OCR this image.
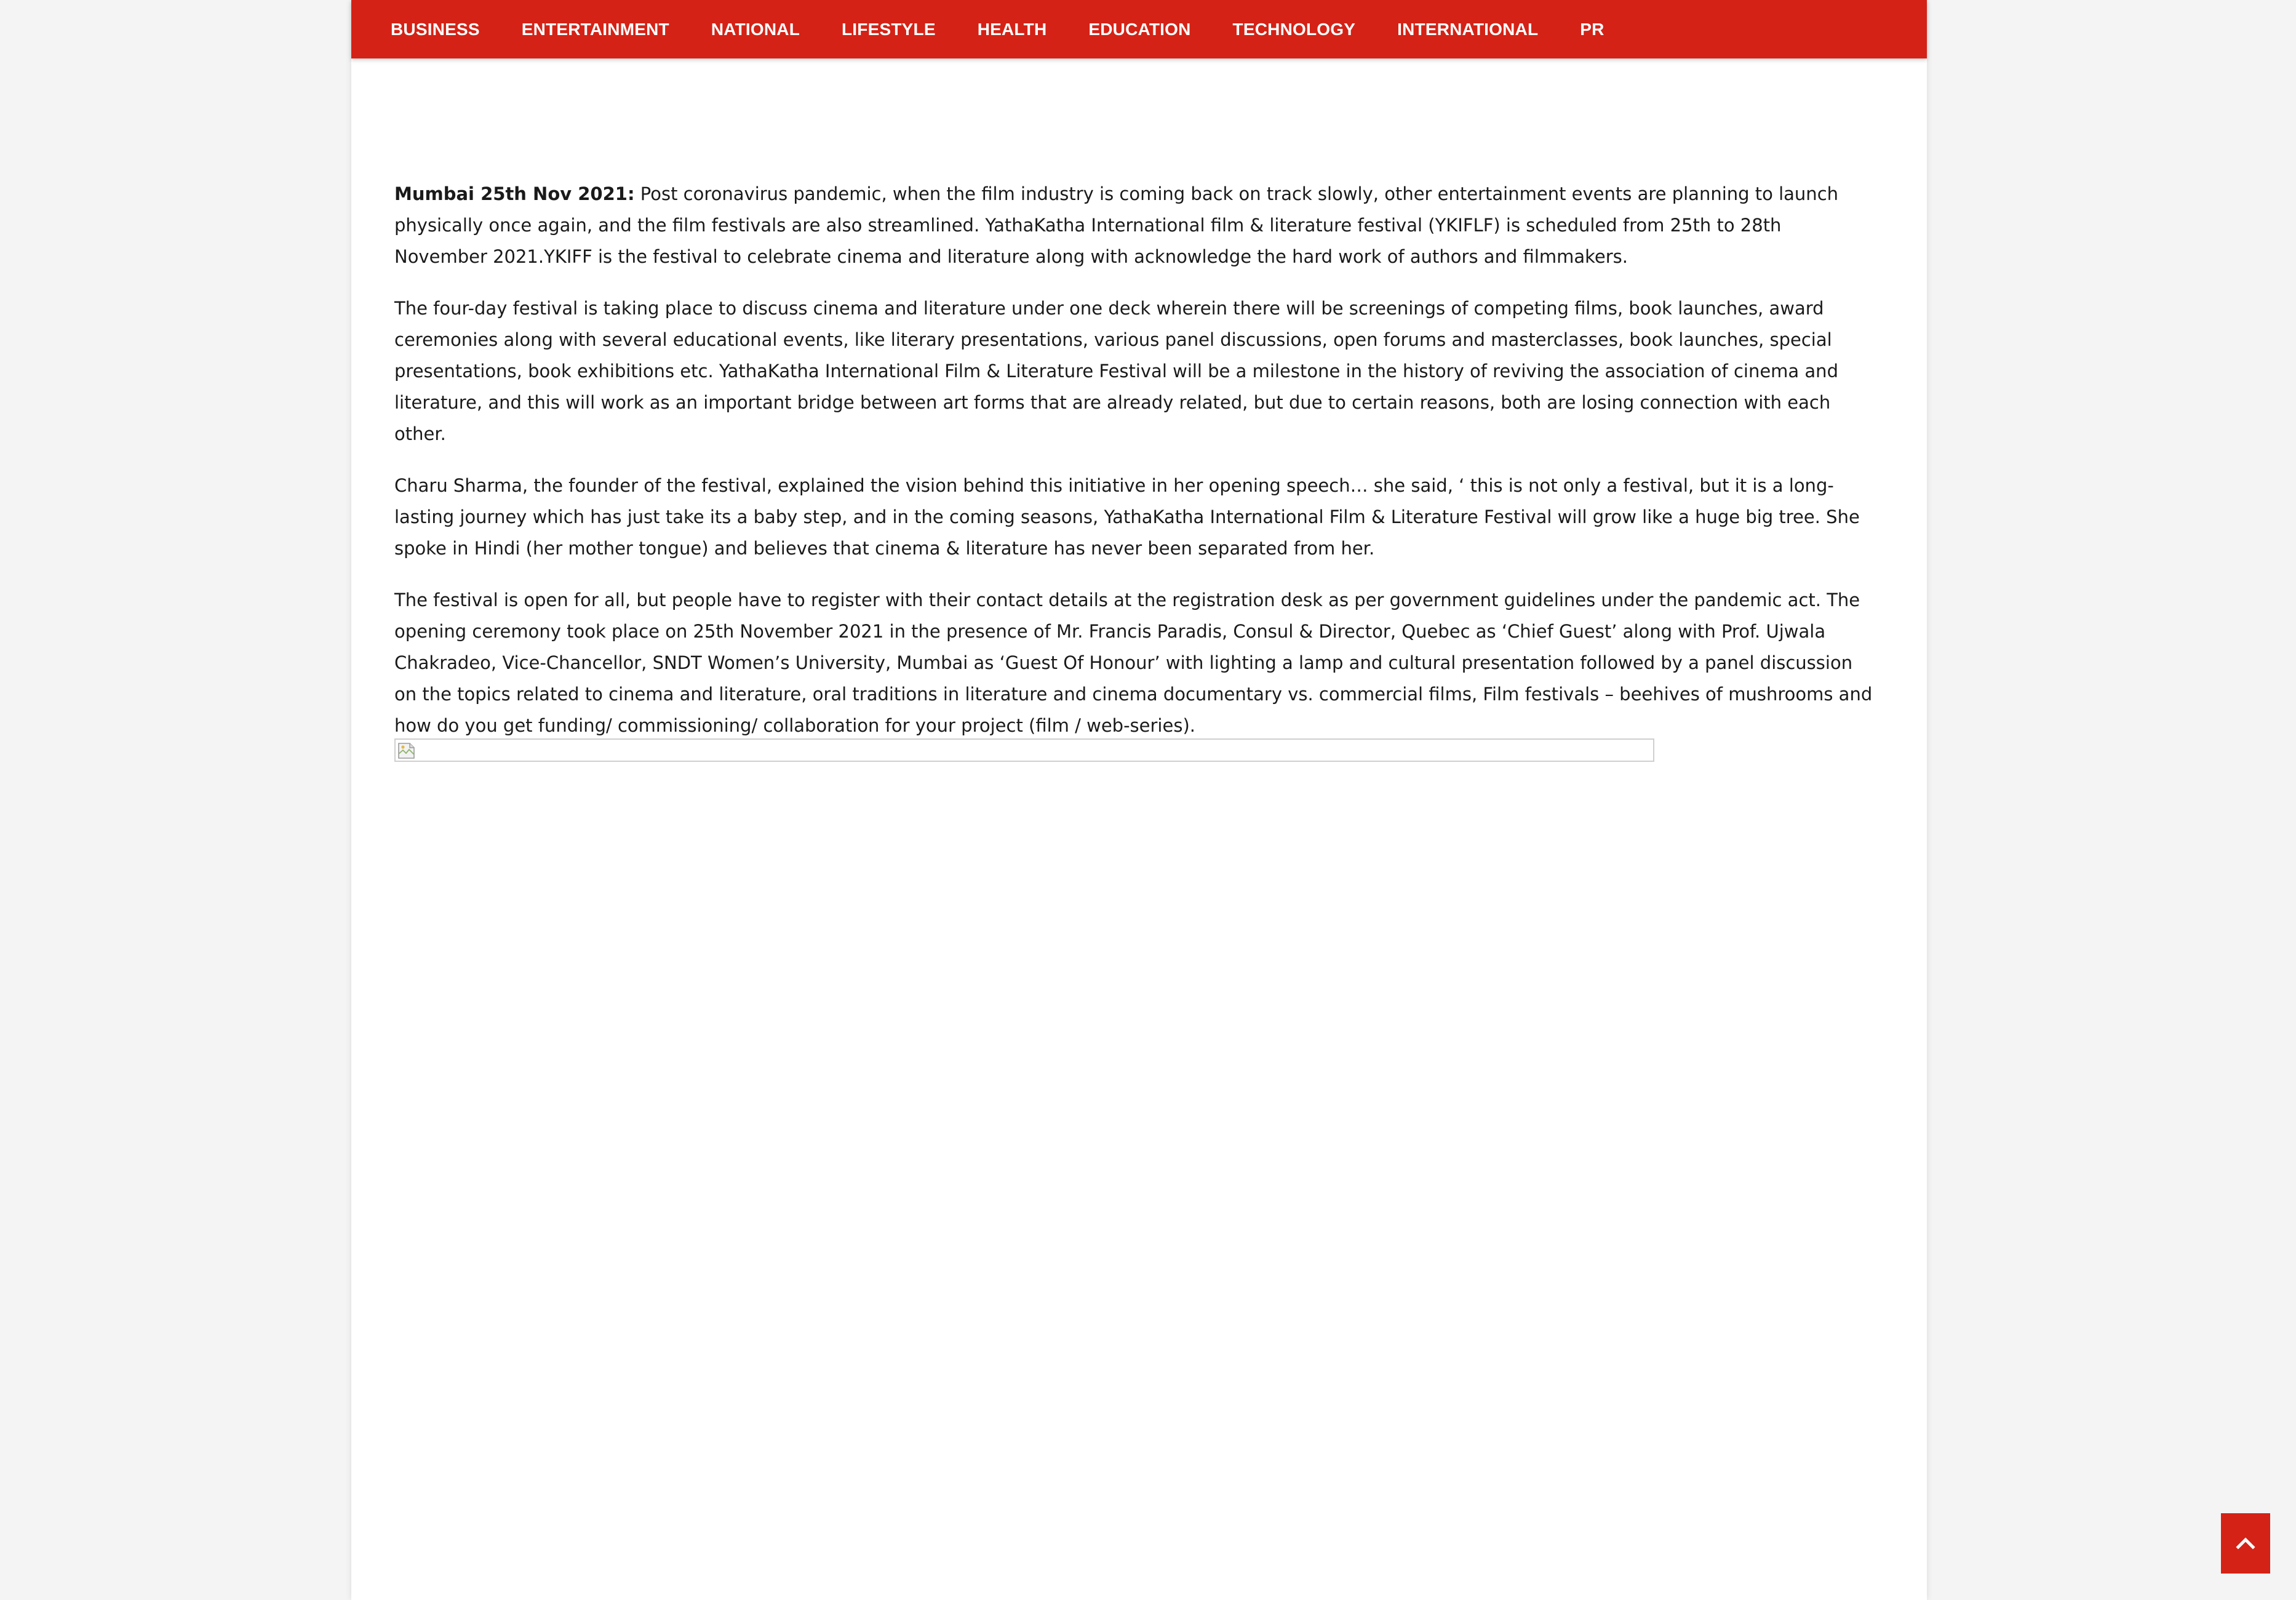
BUSINESS ENTERTAINMENT NATIONAL LIFESTYLE HEALTH EDUCATION TECHNOLOGY INTERNATIONAL PR

Mumbai 25th Nov 2021: Post coronavirus pandemic, when the film industry is coming back on track slowly, other entertainment events are planning to launch physically once again, and the film festivals are also streamlined. YathaKatha International film & literature festival (YKIFLF) is scheduled from 25th to 28th November 2021.YKIFF is the festival to celebrate cinema and literature along with acknowledge the hard work of authors and filmmakers.

The four-day festival is taking place to discuss cinema and literature under one deck wherein there will be screenings of competing films, book launches, award ceremonies along with several educational events, like literary presentations, various panel discussions, open forums and masterclasses, book launches, special presentations, book exhibitions etc. YathaKatha International Film & Literature Festival will be a milestone in the history of reviving the association of cinema and literature, and this will work as an important bridge between art forms that are already related, but due to certain reasons, both are losing connection with each other.

Charu Sharma, the founder of the festival, explained the vision behind this initiative in her opening speech… she said, ‘ this is not only a festival, but it is a long-lasting journey which has just take its a baby step, and in the coming seasons, YathaKatha International Film & Literature Festival will grow like a huge big tree. She spoke in Hindi (her mother tongue) and believes that cinema & literature has never been separated from her.

The festival is open for all, but people have to register with their contact details at the registration desk as per government guidelines under the pandemic act. The opening ceremony took place on 25th November 2021 in the presence of Mr. Francis Paradis, Consul & Director, Quebec as ‘Chief Guest’ along with Prof. Ujwala Chakradeo, Vice-Chancellor, SNDT Women’s University, Mumbai as ‘Guest Of Honour’ with lighting a lamp and cultural presentation followed by a panel discussion on the topics related to cinema and literature, oral traditions in literature and cinema documentary vs. commercial films, Film festivals – beehives of mushrooms and how do you get funding/ commissioning/ collaboration for your project (film / web-series).
